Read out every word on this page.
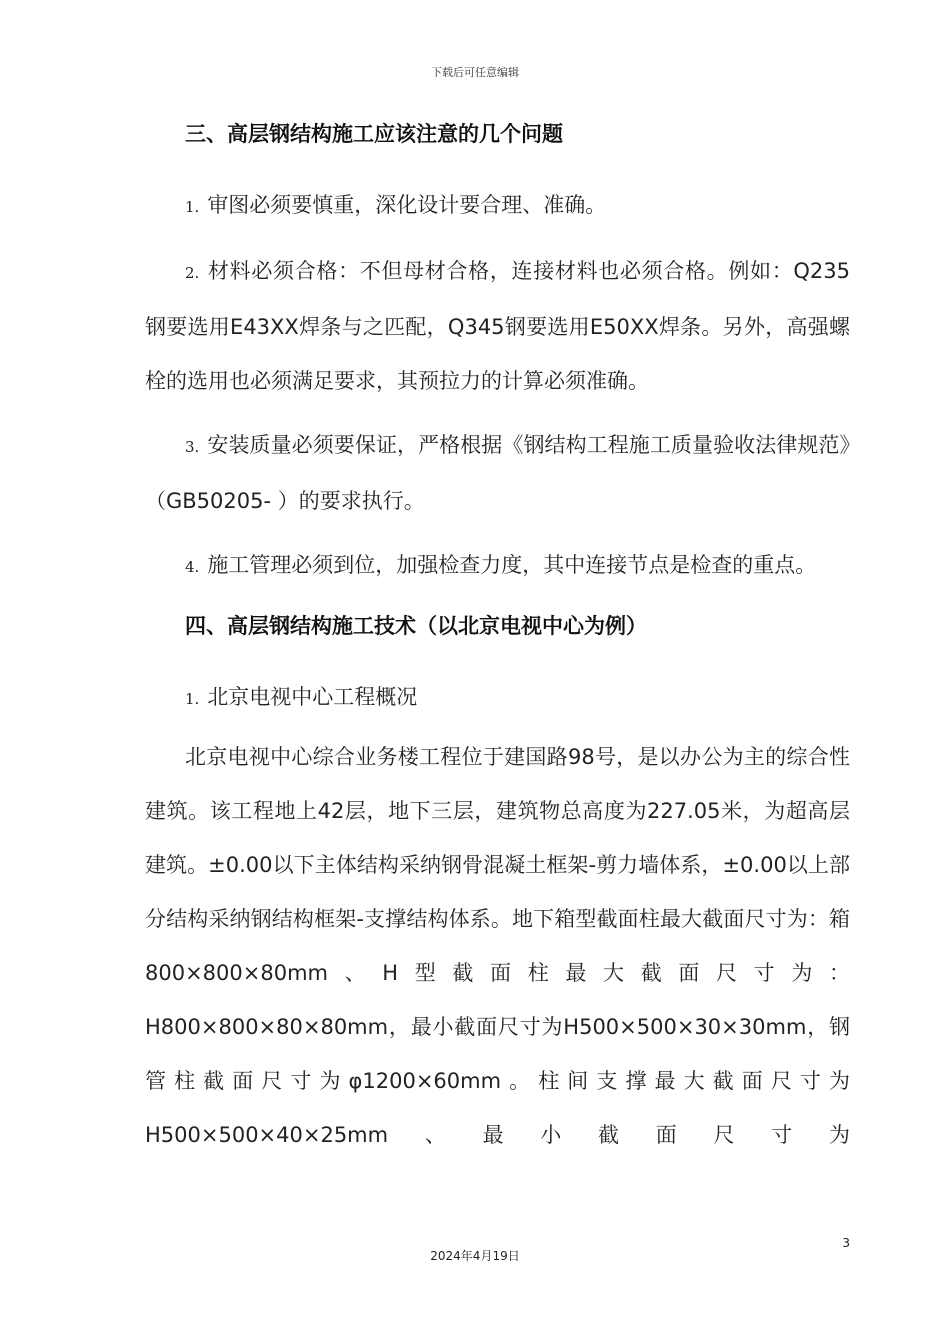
下载后可任意编辑
三、高层钢结构施工应该注意的几个问题
1. 审图必须要慎重，深化设计要合理、准确。
2. 材料必须合格：不但母材合格，连接材料也必须合格。例如：Q235钢要选用E43XX焊条与之匹配，Q345钢要选用E50XX焊条。另外，高强螺栓的选用也必须满足要求，其预拉力的计算必须准确。
3. 安装质量必须要保证，严格根据《钢结构工程施工质量验收法律规范》（GB50205- ）的要求执行。
4. 施工管理必须到位，加强检查力度，其中连接节点是检查的重点。
四、高层钢结构施工技术（以北京电视中心为例）
1. 北京电视中心工程概况
北京电视中心综合业务楼工程位于建国路98号，是以办公为主的综合性建筑。该工程地上42层，地下三层，建筑物总高度为227.05米，为超高层建筑。±0.00以下主体结构采纳钢骨混凝土框架-剪力墙体系，±0.00以上部分结构采纳钢结构框架-支撑结构体系。地下箱型截面柱最大截面尺寸为：箱800×800×80mm、H型截面柱最大截面尺寸为：H800×800×80×80mm，最小截面尺寸为H500×500×30×30mm，钢管柱截面尺寸为φ1200×60mm。柱间支撑最大截面尺寸为H500×500×40×25mm、最小截面尺寸为
3
2024年4月19日
